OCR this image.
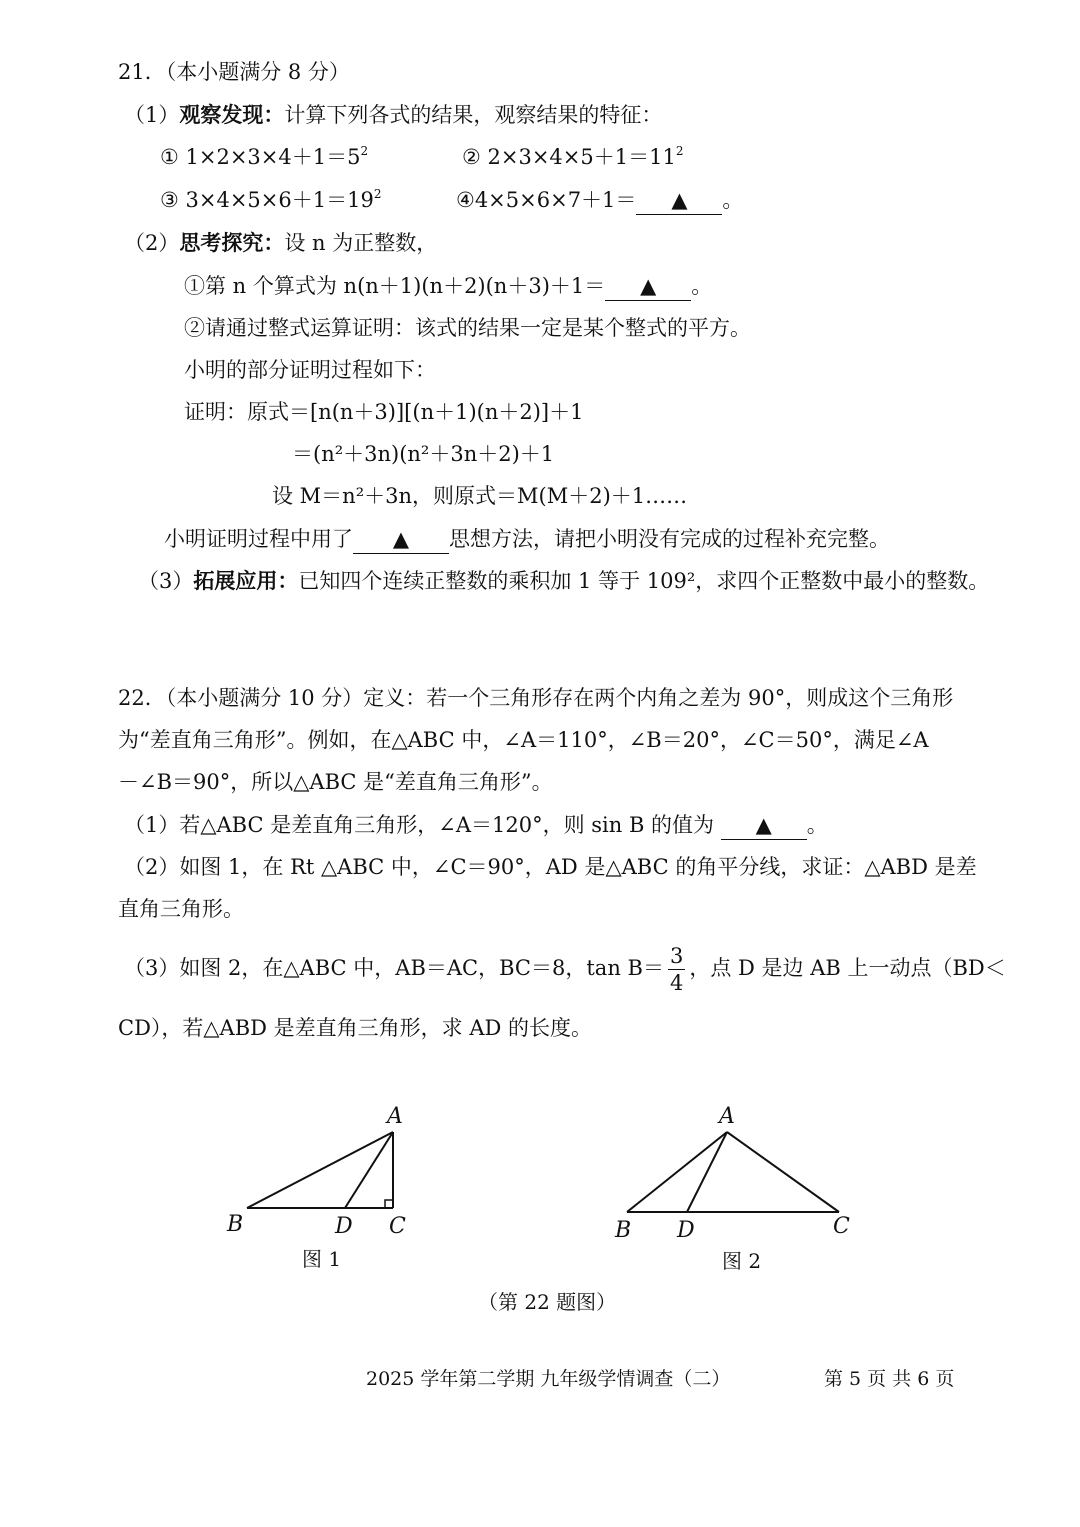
21．（本小题满分 8 分）
（1）观察发现：计算下列各式的结果，观察结果的特征：
① $1\times 2\times 3\times 4+1=5^2$	② $2\times 3\times 4\times 5+1=11^2$
③ $3\times 4\times 5\times 6+1=19^2$	④4×5×6×7＋1＝ ▲ 。
（2）思考探究：设 n 为正整数，
①第 n 个算式为 n(n＋1)(n＋2)(n＋3)＋1＝ ▲ 。
②请通过整式运算证明：该式的结果一定是某个整式的平方。
小明的部分证明过程如下：
证明：原式＝[n(n＋3)][(n＋1)(n＋2)]＋1
＝(n²＋3n)(n²＋3n＋2)＋1
设 M＝n²＋3n，则原式＝M(M＋2)＋1……
小明证明过程中用了 ▲ 思想方法，请把小明没有完成的过程补充完整。
（3）拓展应用：已知四个连续正整数的乘积加 1 等于 109²，求四个正整数中最小的整数。
22．（本小题满分 10 分）定义：若一个三角形存在两个内角之差为 90°，则成这个三角形
为“差直角三角形”。例如，在△ABC 中，∠A＝110°，∠B＝20°，∠C＝50°，满足∠A
－∠B＝90°，所以△ABC 是“差直角三角形”。
（1）若△ABC 是差直角三角形，∠A＝120°，则 sin B 的值为 ▲ 。
（2）如图 1，在 Rt △ABC 中，∠C＝90°，AD 是△ABC 的角平分线，求证：△ABD 是差
直角三角形。
（3）如图 2，在△ABC 中，AB＝AC，BC＝8，$\tan B= \frac{3}{4}$ ，点 D 是边 AB 上一动点（BD＜
CD），若△ABD 是差直角三角形，求 AD 的长度。
A
B	D C
图 1
A
B D	C
图 2
（第 22 题图）
2025 学年第二学期 九年级学情调查（二）	第 5 页 共 6 页
